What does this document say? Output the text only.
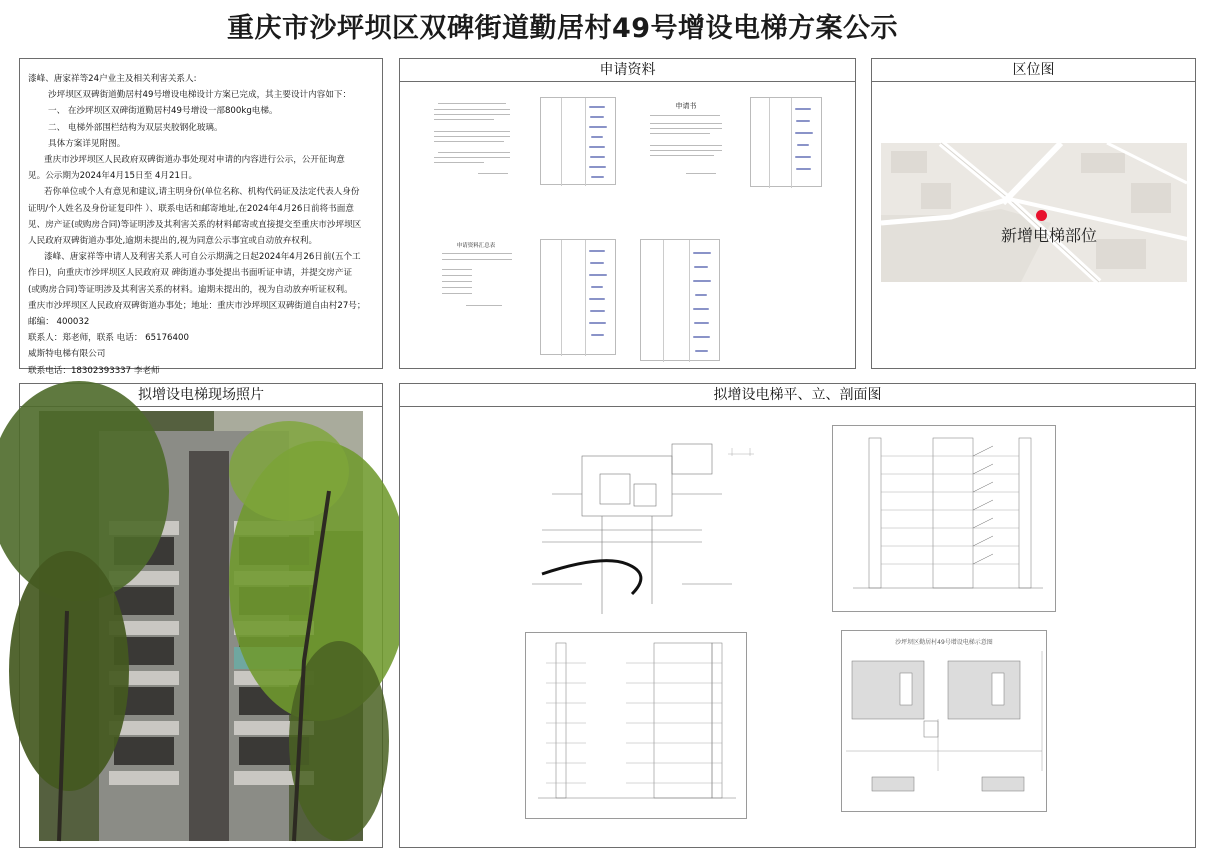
重庆市沙坪坝区双碑街道勤居村49号增设电梯方案公示

漆峰、唐家祥等24户业主及相关利害关系人:

沙坪坝区双碑街道勤居村49号增设电梯设计方案已完成，其主要设计内容如下：

一、 在沙坪坝区双碑街道勤居村49号增设一部800kg电梯。

二、 电梯外部围栏结构为双层夹胶钢化玻璃。

具体方案详见附图。

重庆市沙坪坝区人民政府双碑街道办事处现对申请的内容进行公示，公开征询意

见。公示期为2024年4月15日至 4月21日。

若你单位或个人有意见和建议,请主明身份(单位名称、机构代码证及法定代表人身份

证明/个人姓名及身份证复印件 ）、联系电话和邮寄地址,在2024年4月26日前将书面意

见、房产证(或购房合同)等证明涉及其利害关系的材料邮寄或直接提交至重庆市沙坪坝区

人民政府双碑街道办事处,逾期未提出的,视为同意公示事宜或自动放弃权利。

漆峰、唐家祥等申请人及利害关系人可自公示期满之日起2024年4月26日前(五个工

作日)，向重庆市沙坪坝区人民政府双 碑街道办事处提出书面听证申请，并提交房产证

(或购房合同)等证明涉及其利害关系的材料。逾期未提出的，视为自动放弃听证权利。

重庆市沙坪坝区人民政府双碑街道办事处；地址：重庆市沙坪坝区双碑街道自由村27号；

邮编： 400032

联系人：郑老师，联系 电话： 65176400

威斯特电梯有限公司

联系电话：18302393337 李老师

申请资料
申请书
申请资料汇总表
区位图
新增电梯部位
拟增设电梯现场照片	拟增设电梯平、立、剖面图
沙坪坝区勤居村49号增设电梯示意图
